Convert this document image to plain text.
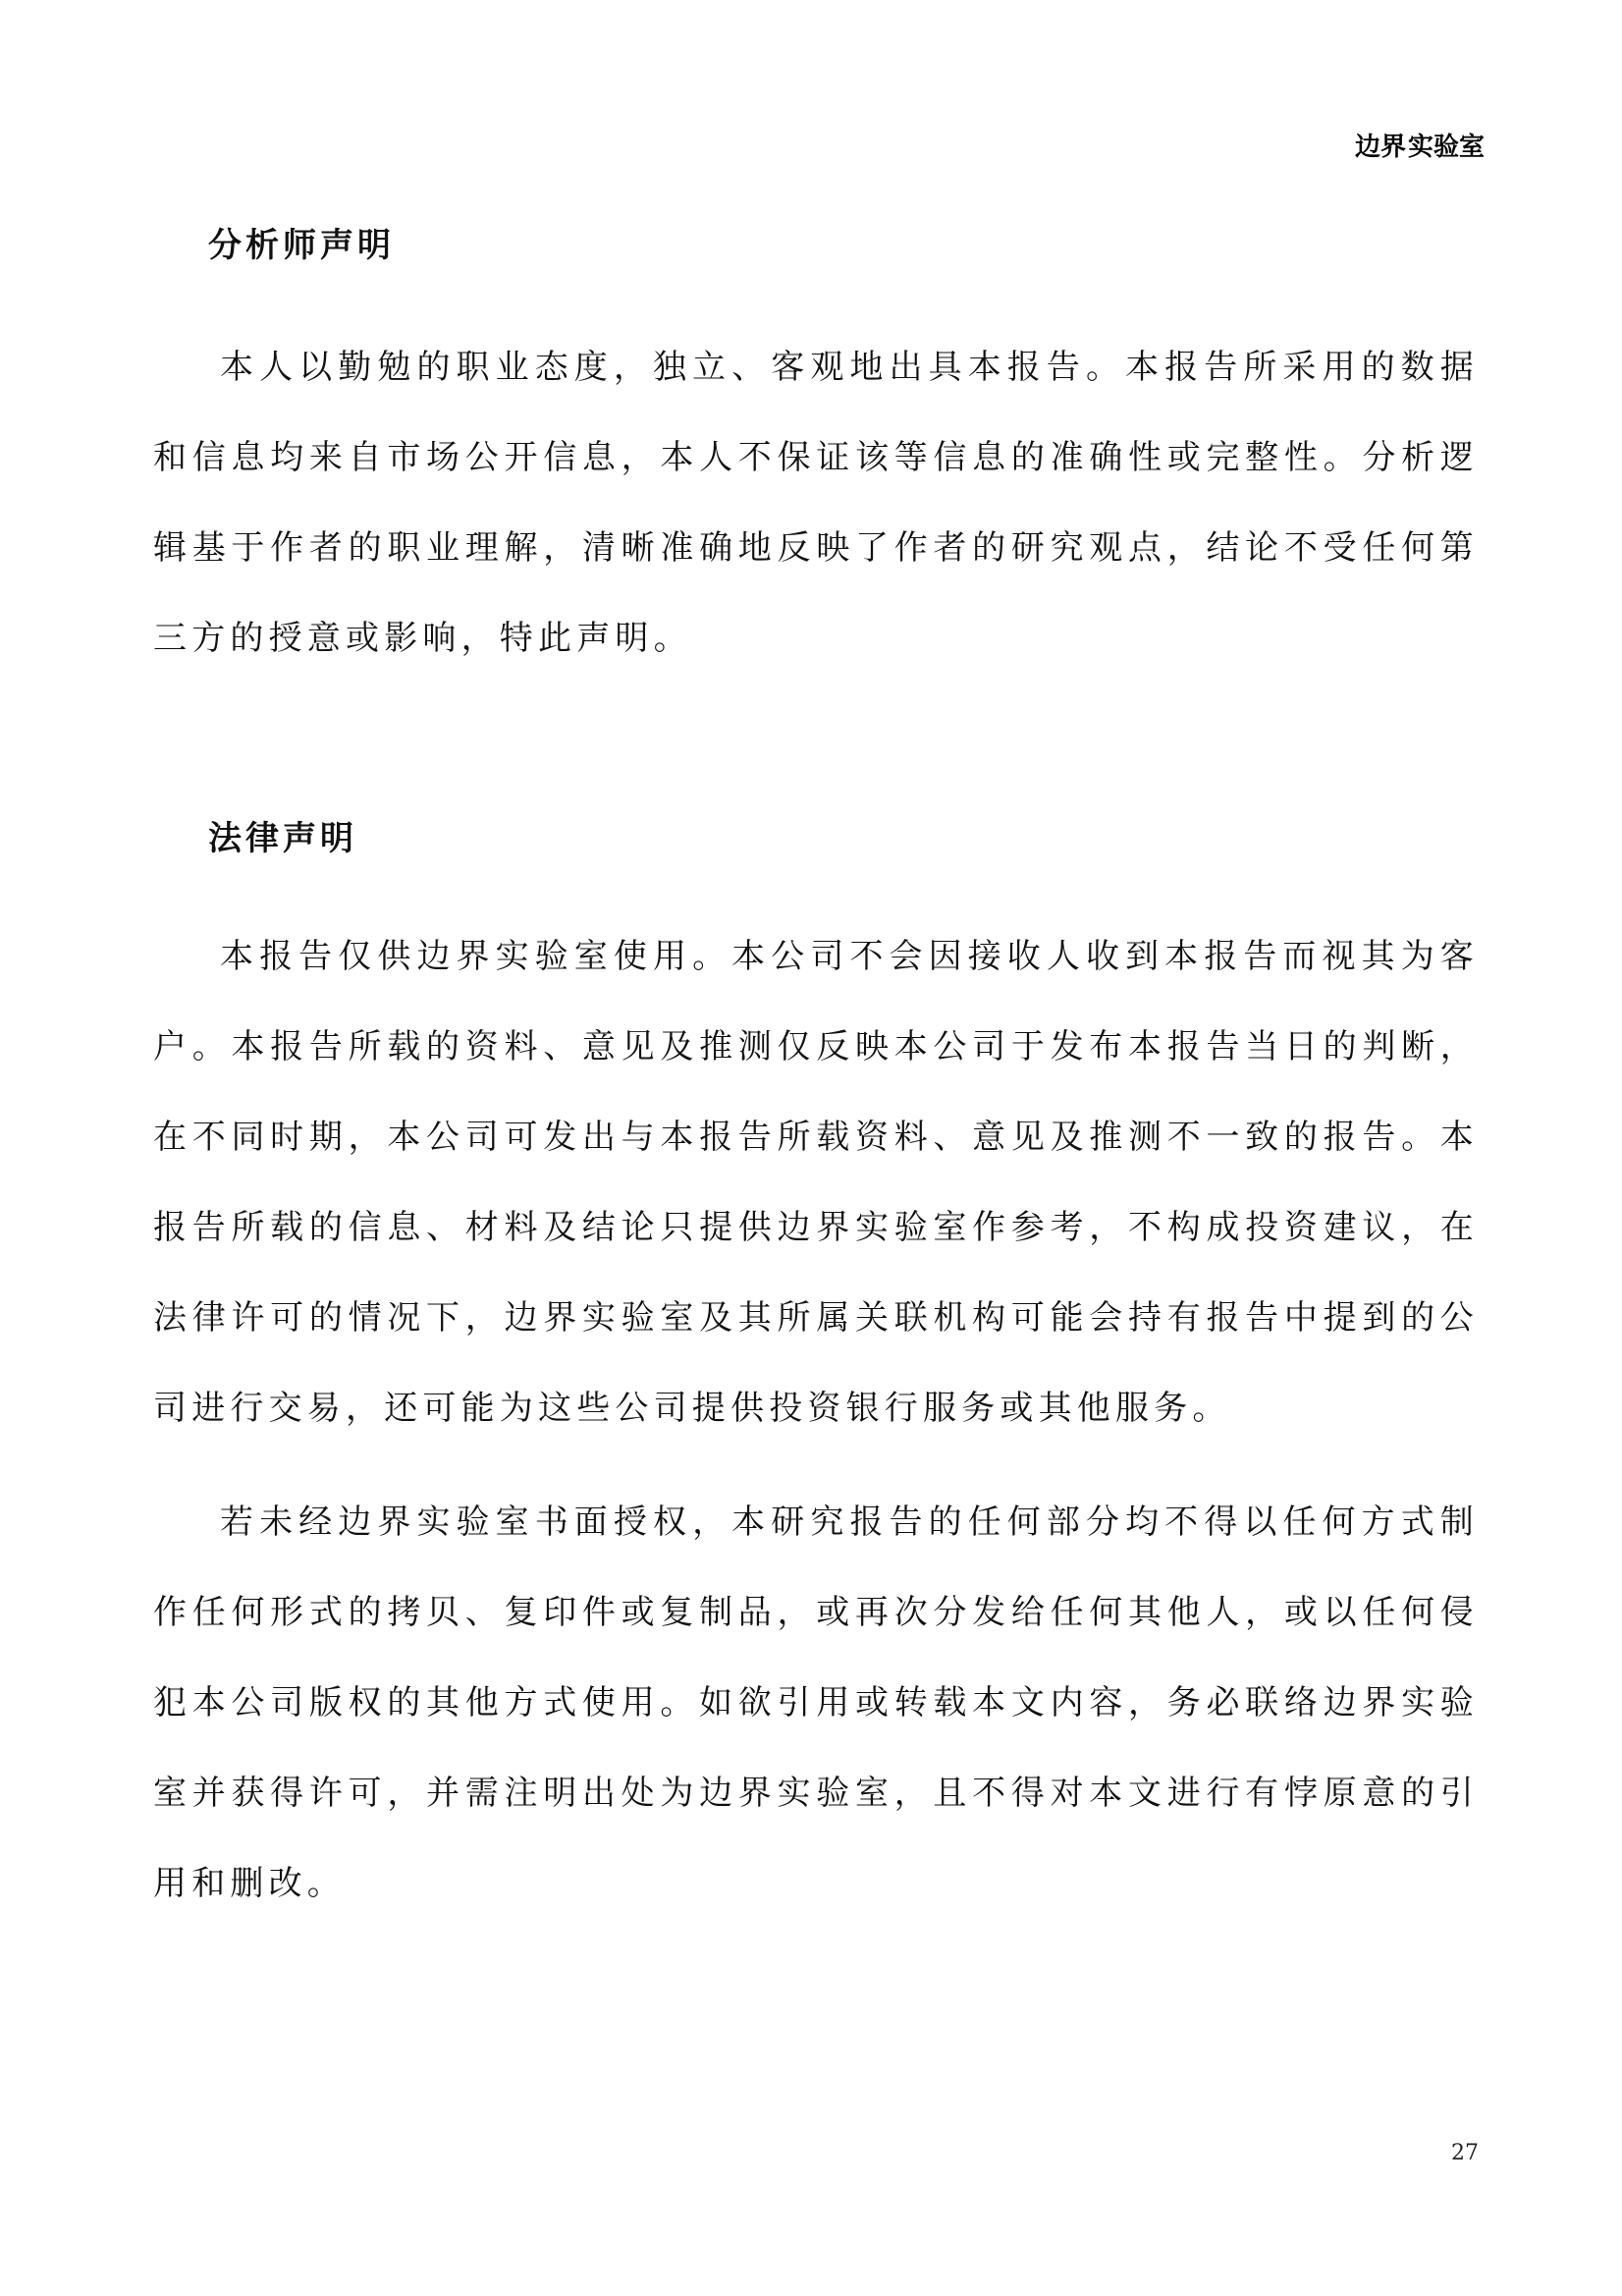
边界 实验室
分析师声明

本人以勤勉的职业态度，独立、客观地出具本报告。本报告所采用的数据和信息均来自市场公开信息，本人不保证该等信息的准确性或完整性。分析逻辑基于作者的职业理解，清晰准确地反映了作者的研究观点，结论不受任何第三方的授意或影响，特此声明。

法律声明

本报告仅供边界实验室使用。本公司不会因接收人收到本报告而视其为客户。本报告所载的资料、意见及推测仅反映本公司于发布本报告当日的判断，在不同时期，本公司可发出与本报告所载资料、意见及推测不一致的报告。本报告所载的信息、材料及结论只提供边界实验室作参考，不构成投资建议，在法律许可的情况下，边界实验室及其所属关联机构可能会持有报告中提到的公司进行交易，还可能为这些公司提供投资银行服务或其他服务。

若未经边界实验室书面授权，本研究报告的任何部分均不得以任何方式制作任何形式的拷贝、复印件或复制品，或再次分发给任何其他人，或以任何侵犯本公司版权的其他方式使用。如欲引用或转载本文内容，务必联络边界实验室并获得许可，并需注明出处为边界实验室，且不得对本文进行有悖原意的引用和删改。

27
